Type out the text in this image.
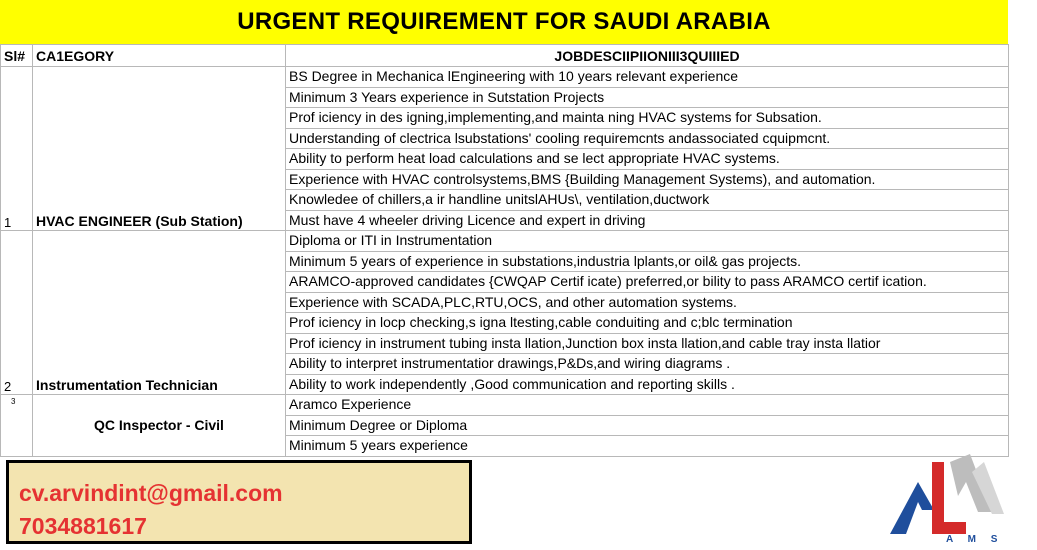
URGENT REQUIREMENT FOR SAUDI ARABIA
Sl#	CA1EGORY	JOBDESCIIPIIONIII3QUIIIED
1	HVAC ENGINEER (Sub Station)	BS Degree in Mechanica lEngineering with 10 years relevant experience
		Minimum 3 Years experience in Sutstation Projects
		Prof iciency in des igning,implementing,and mainta ning HVAC systems for Subsation.
		Understanding of clectrica lsubstations' cooling requiremcnts andassociated cquipmcnt.
		Ability to perform heat load calculations and se lect appropriate HVAC systems.
		Experience with HVAC controlsystems,BMS {Building Management Systems), and automation.
		Knowledee of chillers,a ir handline unitslAHUs\, ventilation,ductwork
		Must have 4 wheeler driving Licence and expert in driving
2	Instrumentation Technician	Diploma or ITI in Instrumentation
		Minimum 5 years of experience in substations,industria lplants,or oil& gas projects.
		ARAMCO-approved candidates {CWQAP Certif icate) preferred,or bility to pass ARAMCO certif ication.
		Experience with SCADA,PLC,RTU,OCS, and other automation systems.
		Prof iciency in locp checking,s igna ltesting,cable conduiting and c;blc termination
		Prof iciency in instrument tubing insta llation,Junction box insta llation,and cable tray insta llatior
		Ability to interpret instrumentatior drawings,P&Ds,and wiring diagrams .
		Ability to work independently ,Good communication and reporting skills .
3	QC Inspector - Civil	Aramco Experience
		Minimum Degree or Diploma
		Minimum 5 years experience
cv.arvindint@gmail.com
7034881617
A M S
